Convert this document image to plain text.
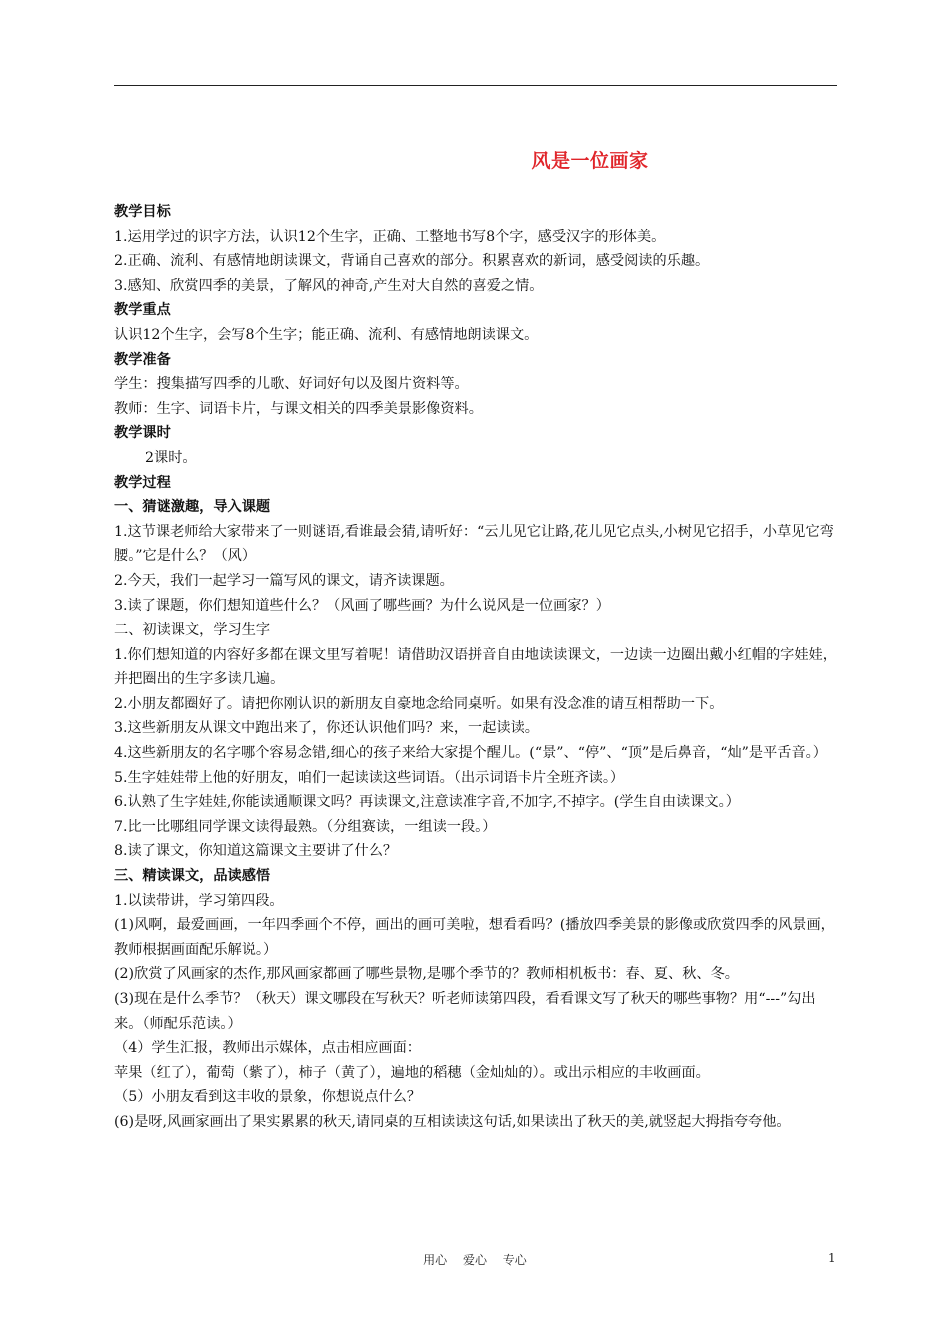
风是一位画家

教学目标

1.运用学过的识字方法，认识12个生字，正确、工整地书写8个字，感受汉字的形体美。

2.正确、流利、有感情地朗读课文，背诵自己喜欢的部分。积累喜欢的新词，感受阅读的乐趣。

3.感知、欣赏四季的美景，了解风的神奇,产生对大自然的喜爱之情。

教学重点

认识12个生字，会写8个生字；能正确、流利、有感情地朗读课文。

教学准备

学生：搜集描写四季的儿歌、好词好句以及图片资料等。

教师：生字、词语卡片，与课文相关的四季美景影像资料。

教学课时

2课时。

教学过程

一、猜谜激趣，导入课题

1.这节课老师给大家带来了一则谜语,看谁最会猜,请听好：“云儿见它让路,花儿见它点头,小树见它招手，小草见它弯腰。”它是什么？（风）

2.今天，我们一起学习一篇写风的课文，请齐读课题。

3.读了课题，你们想知道些什么？（风画了哪些画？为什么说风是一位画家？）

二、初读课文，学习生字

1.你们想知道的内容好多都在课文里写着呢！请借助汉语拼音自由地读读课文，一边读一边圈出戴小红帽的字娃娃，并把圈出的生字多读几遍。

2.小朋友都圈好了。请把你刚认识的新朋友自豪地念给同桌听。如果有没念准的请互相帮助一下。

3.这些新朋友从课文中跑出来了，你还认识他们吗？来，一起读读。

4.这些新朋友的名字哪个容易念错,细心的孩子来给大家提个醒儿。(“景”、“停”、“顶”是后鼻音，“灿”是平舌音。）

5.生字娃娃带上他的好朋友，咱们一起读读这些词语。（出示词语卡片全班齐读。）

6.认熟了生字娃娃,你能读通顺课文吗？再读课文,注意读准字音,不加字,不掉字。(学生自由读课文。）

7.比一比哪组同学课文读得最熟。（分组赛读，一组读一段。）

8.读了课文，你知道这篇课文主要讲了什么？

三、精读课文，品读感悟

1.以读带讲，学习第四段。

(1)风啊，最爱画画，一年四季画个不停，画出的画可美啦，想看看吗？(播放四季美景的影像或欣赏四季的风景画，教师根据画面配乐解说。）

(2)欣赏了风画家的杰作,那风画家都画了哪些景物,是哪个季节的？教师相机板书：春、夏、秋、冬。

(3)现在是什么季节？（秋天）课文哪段在写秋天？听老师读第四段，看看课文写了秋天的哪些事物？用“---”勾出来。（师配乐范读。）

（4）学生汇报，教师出示媒体，点击相应画面：

苹果（红了），葡萄（紫了），柿子（黄了），遍地的稻穗（金灿灿的）。或出示相应的丰收画面。

（5）小朋友看到这丰收的景象，你想说点什么？

(6)是呀,风画家画出了果实累累的秋天,请同桌的互相读读这句话,如果读出了秋天的美,就竖起大拇指夸夸他。

用心 爱心 专心	1
